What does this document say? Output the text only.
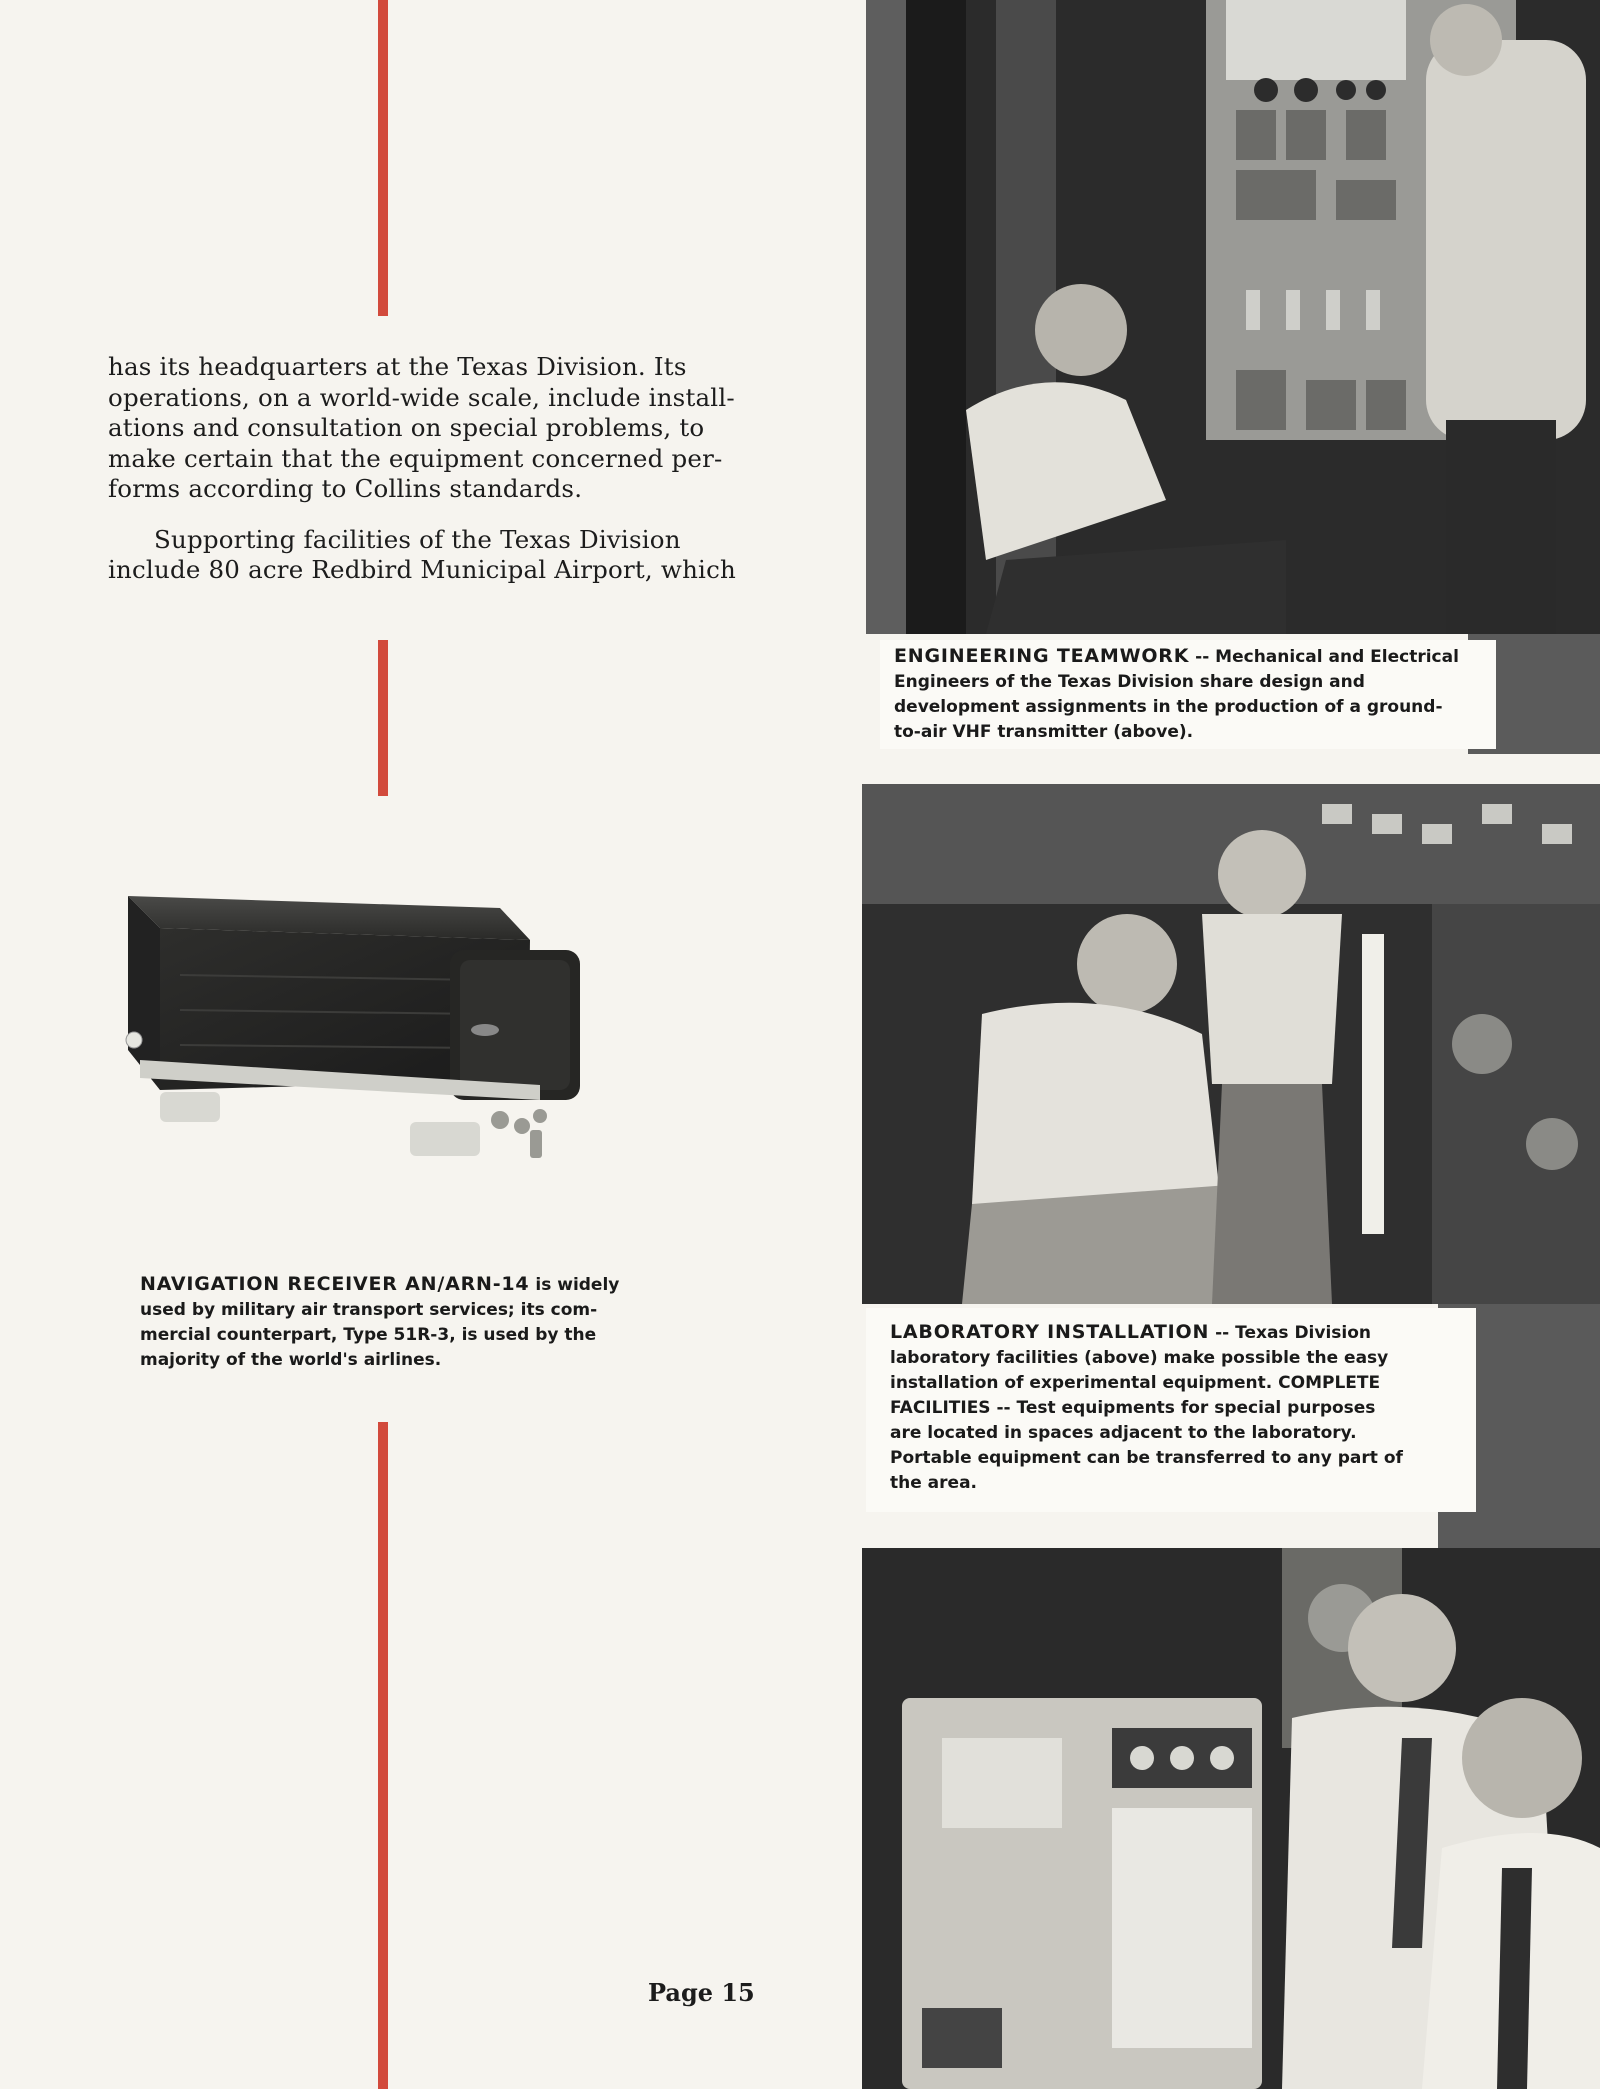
has its headquarters at the Texas Division. Its
operations, on a world-wide scale, include install-
ations and consultation on special problems, to
make certain that the equipment concerned per-
forms according to Collins standards.

Supporting facilities of the Texas Division
include 80 acre Redbird Municipal Airport, which

NAVIGATION RECEIVER AN/ARN-14 is widely
used by military air transport services; its com-
mercial counterpart, Type 51R-3, is used by the
majority of the world's airlines.
ENGINEERING TEAMWORK -- Mechanical and Electrical
Engineers of the Texas Division share design and
development assignments in the production of a ground-
to-air VHF transmitter (above).
LABORATORY INSTALLATION -- Texas Division
laboratory facilities (above) make possible the easy
installation of experimental equipment. COMPLETE
FACILITIES -- Test equipments for special purposes
are located in spaces adjacent to the laboratory.
Portable equipment can be transferred to any part of
the area.
Page 15
